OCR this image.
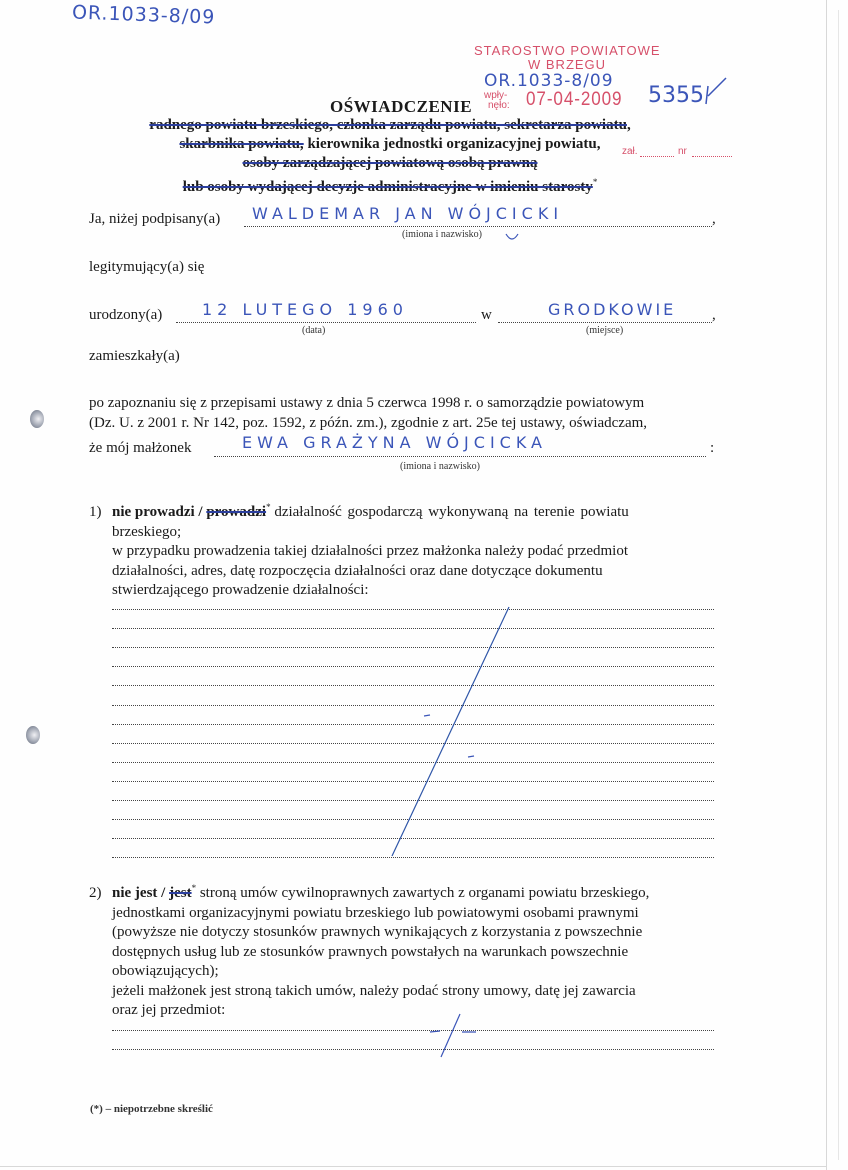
OR.1033-8/09
STAROSTWO POWIATOWE
W BRZEGU
OR.1033-8/09
wpły-
nęło: 07-04-2009 5355
zał.	nr
OŚWIADCZENIE
radnego powiatu brzeskiego, członka zarządu powiatu, sekretarza powiatu,
skarbnika powiatu, kierownika jednostki organizacyjnej powiatu,
osoby zarządzającej powiatową osobą prawną
lub osoby wydającej decyzje administracyjne w imieniu starosty*
Ja, niżej podpisany(a)	,
WALDEMAR JAN WÓJCICKI
(imiona i nazwisko)
legitymujący(a) się
urodzony(a) 12 LUTEGO 1960
(data)
w	,
GRODKOWIE
(miejsce)
zamieszkały(a)
po zapoznaniu się z przepisami ustawy z dnia 5 czerwca 1998 r. o samorządzie powiatowym
(Dz. U. z 2001 r. Nr 142, poz. 1592, z późn. zm.), zgodnie z art. 25e tej ustawy, oświadczam,
że mój małżonek	:
EWA GRAŻYNA WÓJCICKA
(imiona i nazwisko)
1) nie prowadzi / prowadzi* działalność gospodarczą wykonywaną na terenie powiatu
brzeskiego;
w przypadku prowadzenia takiej działalności przez małżonka należy podać przedmiot
działalności, adres, datę rozpoczęcia działalności oraz dane dotyczące dokumentu
stwierdzającego prowadzenie działalności:
2) nie jest / jest* stroną umów cywilnoprawnych zawartych z organami powiatu brzeskiego,
jednostkami organizacyjnymi powiatu brzeskiego lub powiatowymi osobami prawnymi
(powyższe nie dotyczy stosunków prawnych wynikających z korzystania z powszechnie
dostępnych usług lub ze stosunków prawnych powstałych na warunkach powszechnie
obowiązujących);
jeżeli małżonek jest stroną takich umów, należy podać strony umowy, datę jej zawarcia
oraz jej przedmiot:
(*) – niepotrzebne skreślić
